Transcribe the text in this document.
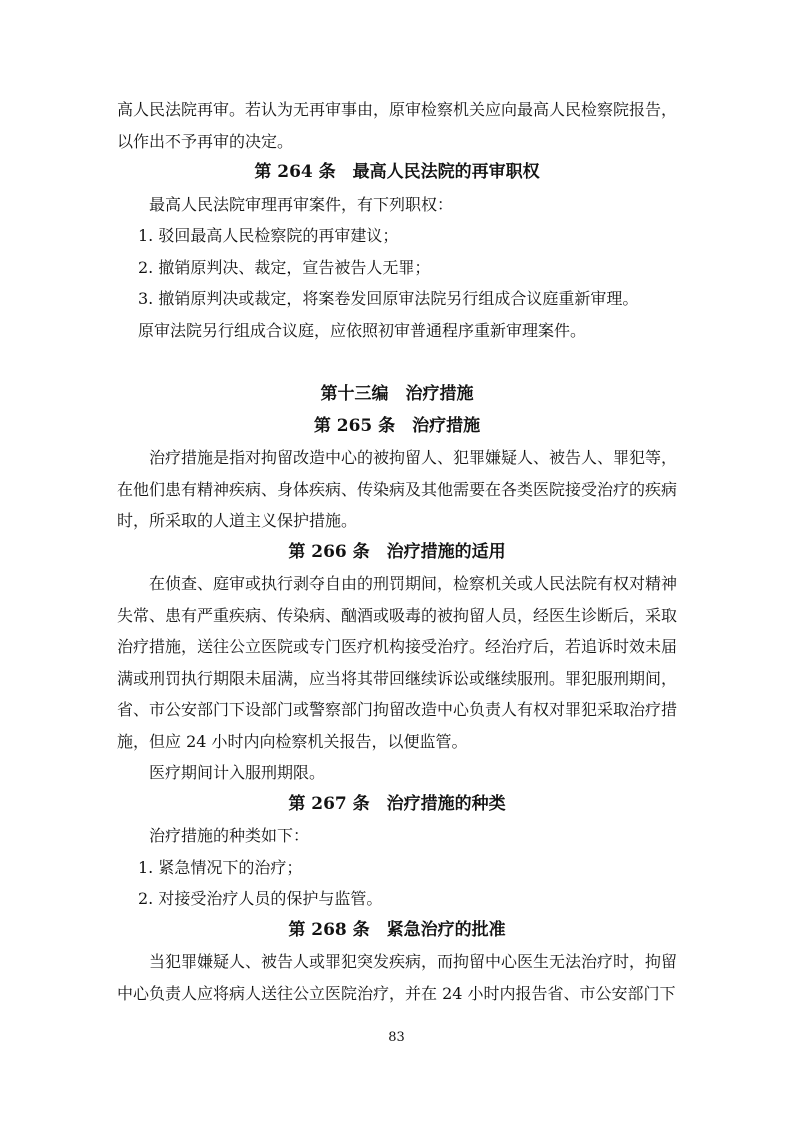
高人民法院再审。若认为无再审事由，原审检察机关应向最高人民检察院报告，以作出不予再审的决定。

第 264 条　最高人民法院的再审职权

最高人民法院审理再审案件，有下列职权：

1. 驳回最高人民检察院的再审建议；

2. 撤销原判决、裁定，宣告被告人无罪；

3. 撤销原判决或裁定，将案卷发回原审法院另行组成合议庭重新审理。

原审法院另行组成合议庭，应依照初审普通程序重新审理案件。

第十三编　治疗措施

第 265 条　治疗措施

治疗措施是指对拘留改造中心的被拘留人、犯罪嫌疑人、被告人、罪犯等，在他们患有精神疾病、身体疾病、传染病及其他需要在各类医院接受治疗的疾病时，所采取的人道主义保护措施。

第 266 条　治疗措施的适用

在侦查、庭审或执行剥夺自由的刑罚期间，检察机关或人民法院有权对精神失常、患有严重疾病、传染病、酗酒或吸毒的被拘留人员，经医生诊断后，采取治疗措施，送往公立医院或专门医疗机构接受治疗。经治疗后，若追诉时效未届满或刑罚执行期限未届满，应当将其带回继续诉讼或继续服刑。罪犯服刑期间，省、市公安部门下设部门或警察部门拘留改造中心负责人有权对罪犯采取治疗措施，但应 24 小时内向检察机关报告，以便监管。

医疗期间计入服刑期限。

第 267 条　治疗措施的种类

治疗措施的种类如下：

1. 紧急情况下的治疗；

2. 对接受治疗人员的保护与监管。

第 268 条　紧急治疗的批准

当犯罪嫌疑人、被告人或罪犯突发疾病，而拘留中心医生无法治疗时，拘留中心负责人应将病人送往公立医院治疗，并在 24 小时内报告省、市公安部门下

83
